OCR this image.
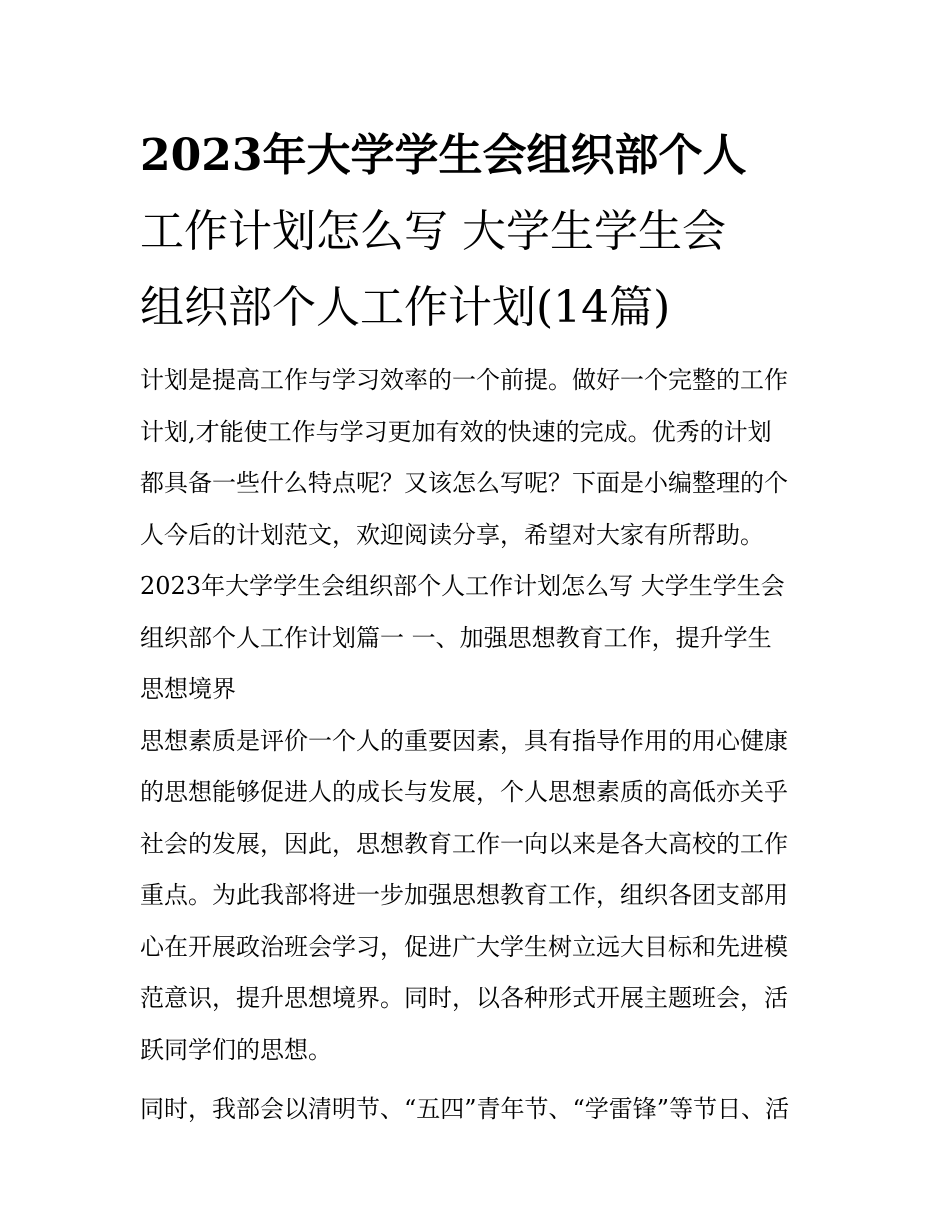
2023年大学学生会组织部个人
工作计划怎么写 大学生学生会
组织部个人工作计划(14篇)
计划是提高工作与学习效率的一个前提。做好一个完整的工作
计划,才能使工作与学习更加有效的快速的完成。优秀的计划
都具备一些什么特点呢？又该怎么写呢？下面是小编整理的个
人今后的计划范文，欢迎阅读分享，希望对大家有所帮助。
2023年大学学生会组织部个人工作计划怎么写 大学生学生会
组织部个人工作计划篇一 一、加强思想教育工作，提升学生
思想境界
思想素质是评价一个人的重要因素，具有指导作用的用心健康
的思想能够促进人的成长与发展，个人思想素质的高低亦关乎
社会的发展，因此，思想教育工作一向以来是各大高校的工作
重点。为此我部将进一步加强思想教育工作，组织各团支部用
心在开展政治班会学习，促进广大学生树立远大目标和先进模
范意识，提升思想境界。同时，以各种形式开展主题班会，活
跃同学们的思想。
同时，我部会以清明节、“五四”青年节、“学雷锋”等节日、活
